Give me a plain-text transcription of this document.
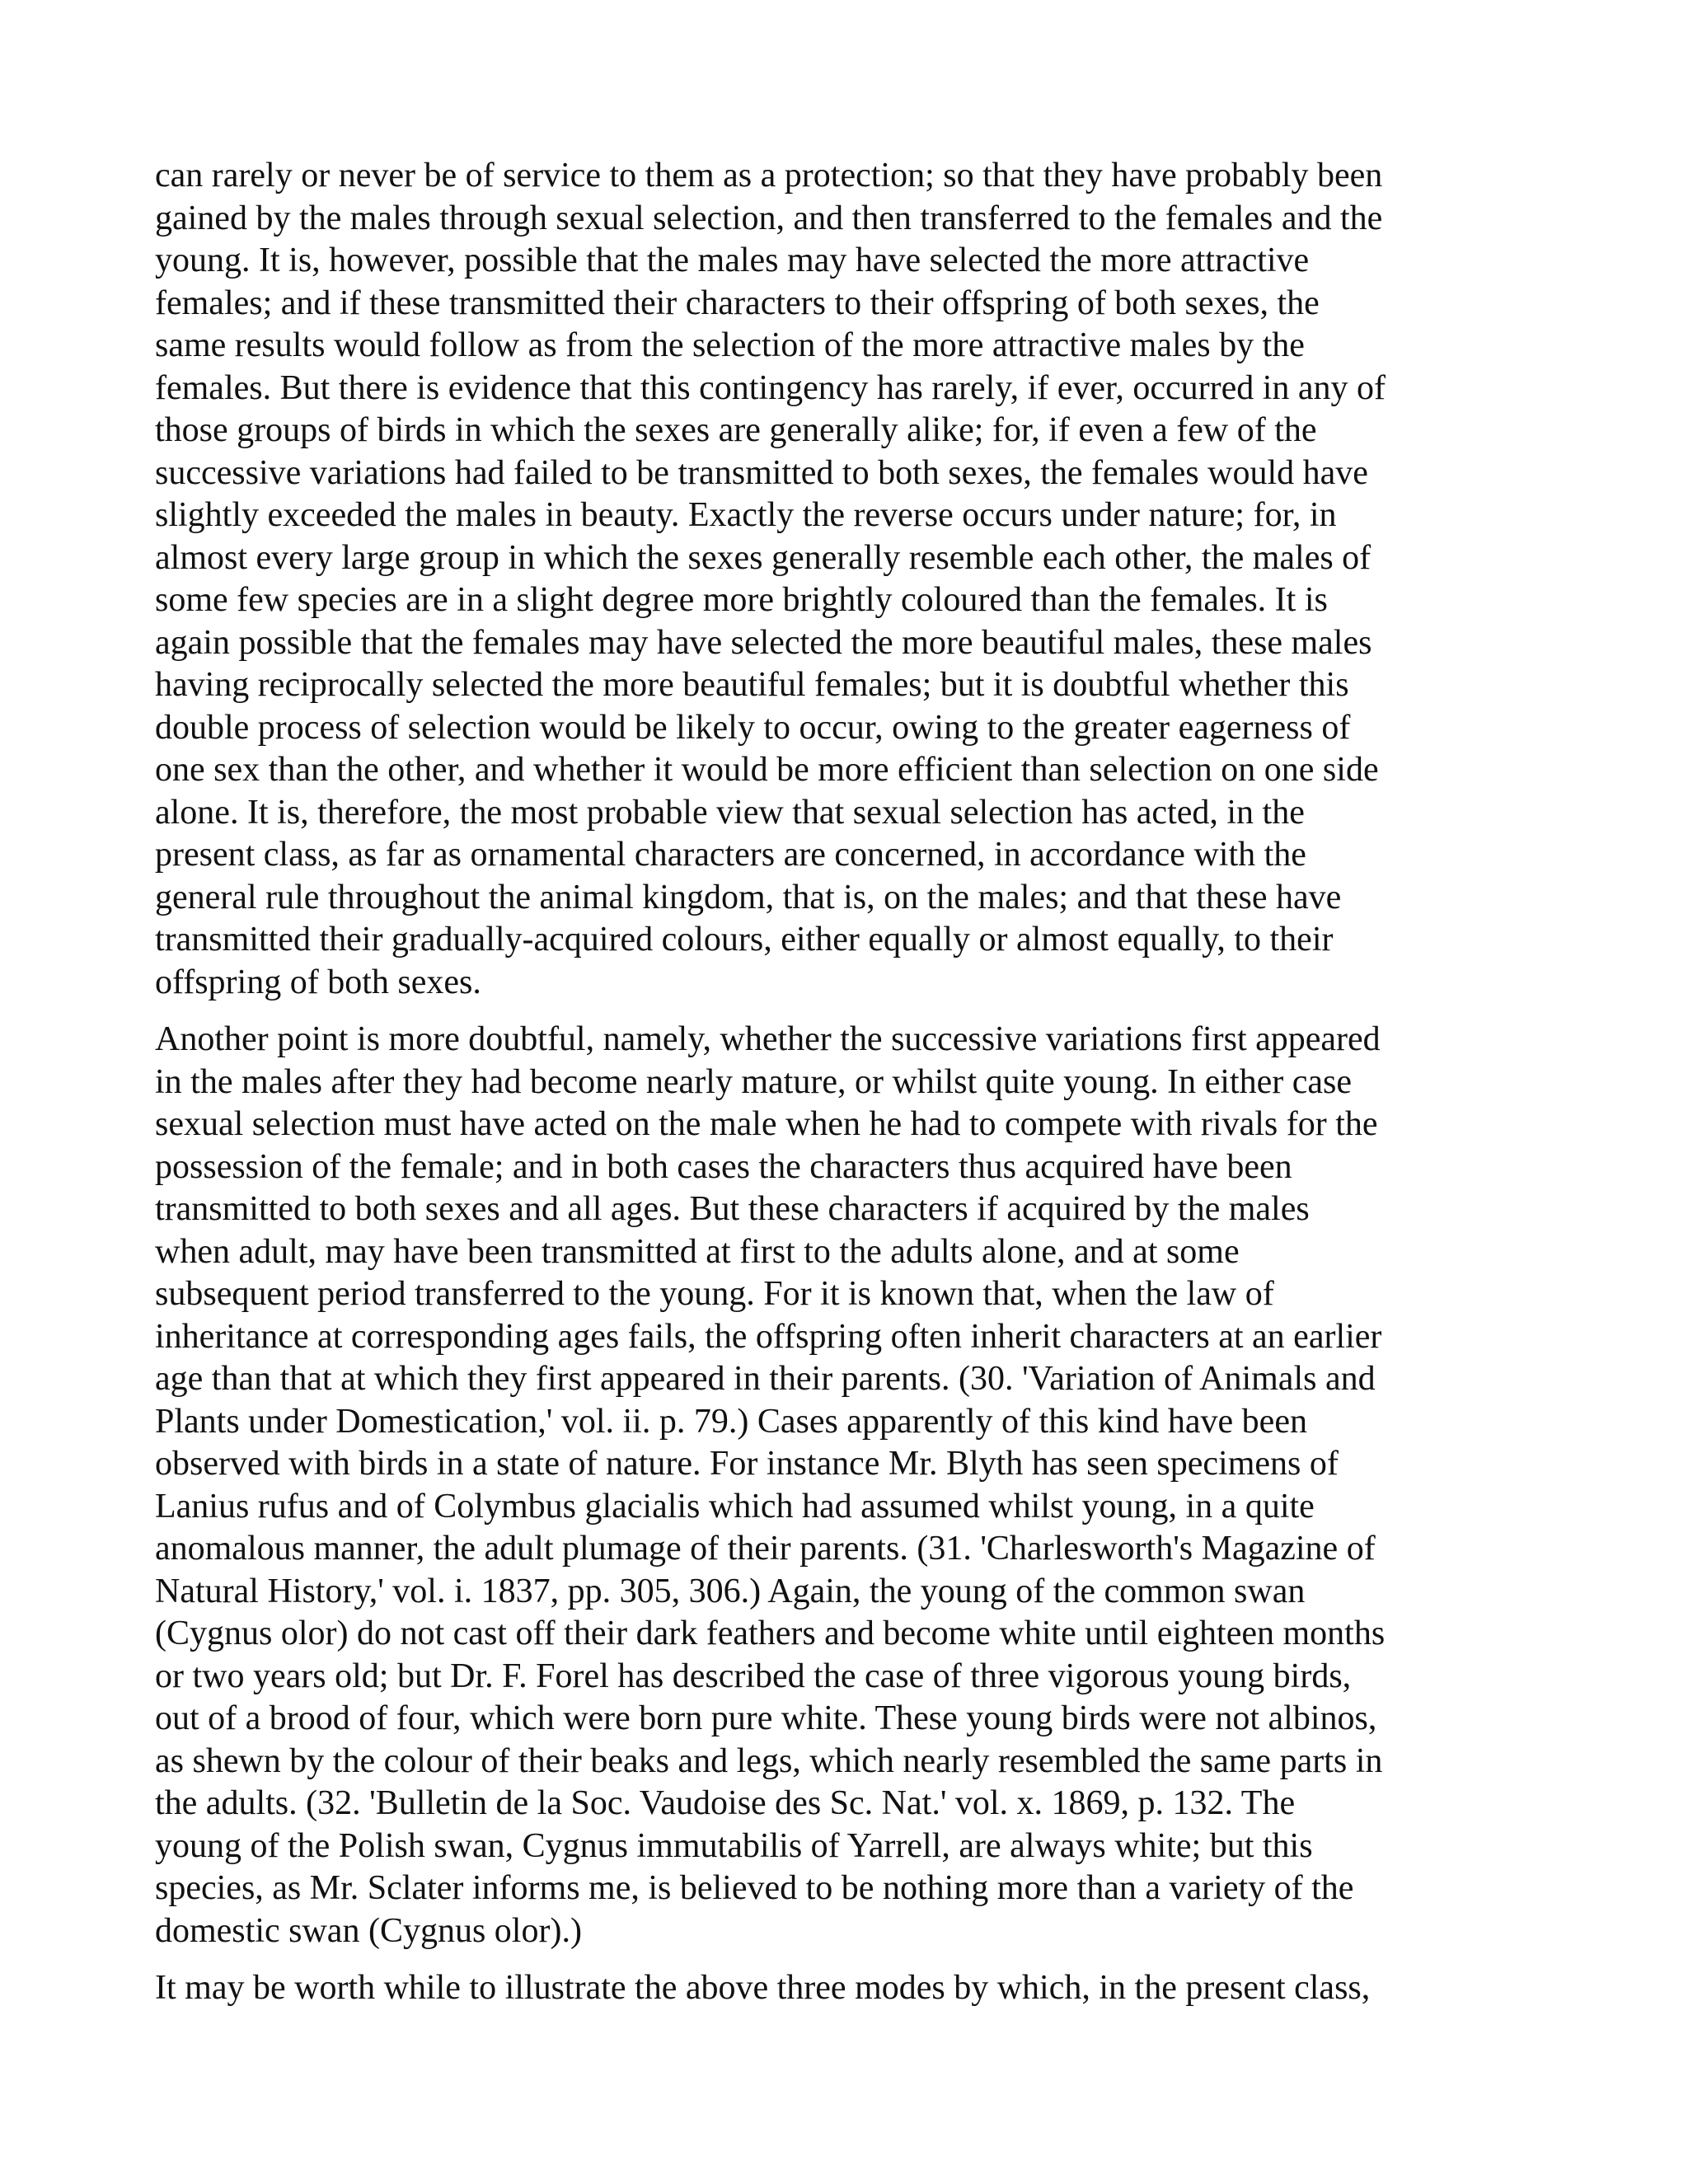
can rarely or never be of service to them as a protection; so that they have probably been
gained by the males through sexual selection, and then transferred to the females and the
young. It is, however, possible that the males may have selected the more attractive
females; and if these transmitted their characters to their offspring of both sexes, the
same results would follow as from the selection of the more attractive males by the
females. But there is evidence that this contingency has rarely, if ever, occurred in any of
those groups of birds in which the sexes are generally alike; for, if even a few of the
successive variations had failed to be transmitted to both sexes, the females would have
slightly exceeded the males in beauty. Exactly the reverse occurs under nature; for, in
almost every large group in which the sexes generally resemble each other, the males of
some few species are in a slight degree more brightly coloured than the females. It is
again possible that the females may have selected the more beautiful males, these males
having reciprocally selected the more beautiful females; but it is doubtful whether this
double process of selection would be likely to occur, owing to the greater eagerness of
one sex than the other, and whether it would be more efficient than selection on one side
alone. It is, therefore, the most probable view that sexual selection has acted, in the
present class, as far as ornamental characters are concerned, in accordance with the
general rule throughout the animal kingdom, that is, on the males; and that these have
transmitted their gradually-acquired colours, either equally or almost equally, to their
offspring of both sexes.

Another point is more doubtful, namely, whether the successive variations first appeared
in the males after they had become nearly mature, or whilst quite young. In either case
sexual selection must have acted on the male when he had to compete with rivals for the
possession of the female; and in both cases the characters thus acquired have been
transmitted to both sexes and all ages. But these characters if acquired by the males
when adult, may have been transmitted at first to the adults alone, and at some
subsequent period transferred to the young. For it is known that, when the law of
inheritance at corresponding ages fails, the offspring often inherit characters at an earlier
age than that at which they first appeared in their parents. (30. 'Variation of Animals and
Plants under Domestication,' vol. ii. p. 79.) Cases apparently of this kind have been
observed with birds in a state of nature. For instance Mr. Blyth has seen specimens of
Lanius rufus and of Colymbus glacialis which had assumed whilst young, in a quite
anomalous manner, the adult plumage of their parents. (31. 'Charlesworth's Magazine of
Natural History,' vol. i. 1837, pp. 305, 306.) Again, the young of the common swan
(Cygnus olor) do not cast off their dark feathers and become white until eighteen months
or two years old; but Dr. F. Forel has described the case of three vigorous young birds,
out of a brood of four, which were born pure white. These young birds were not albinos,
as shewn by the colour of their beaks and legs, which nearly resembled the same parts in
the adults. (32. 'Bulletin de la Soc. Vaudoise des Sc. Nat.' vol. x. 1869, p. 132. The
young of the Polish swan, Cygnus immutabilis of Yarrell, are always white; but this
species, as Mr. Sclater informs me, is believed to be nothing more than a variety of the
domestic swan (Cygnus olor).)

It may be worth while to illustrate the above three modes by which, in the present class,
